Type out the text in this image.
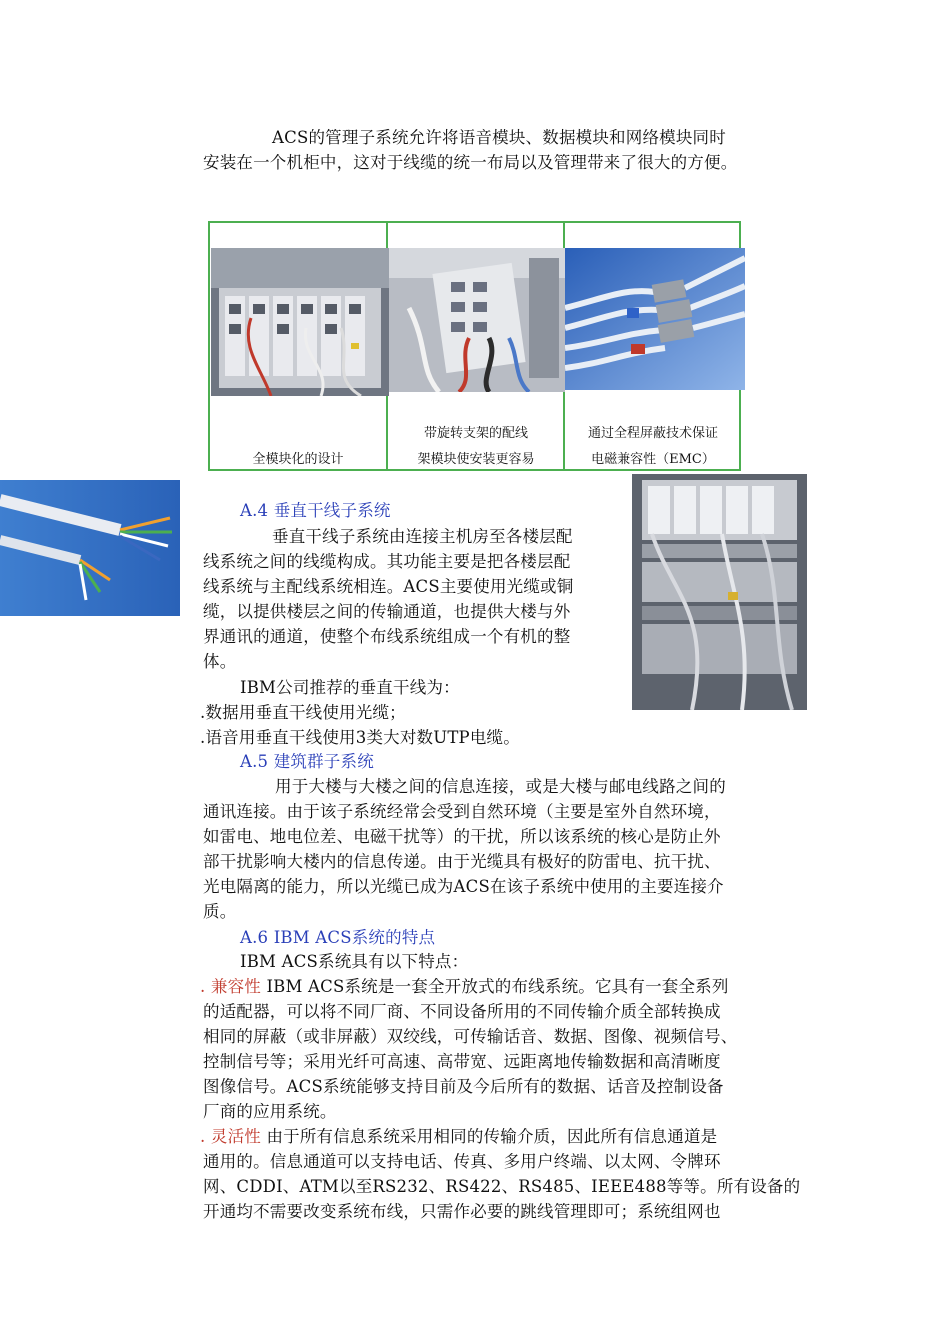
ACS的管理子系统允许将语音模块、数据模块和网络模块同时
安装在一个机柜中，这对于线缆的统一布局以及管理带来了很大的方便。
全模块化的设计
带旋转支架的配线
架模块使安装更容易
通过全程屏蔽技术保证
电磁兼容性（EMC）
A.4 垂直干线子系统
垂直干线子系统由连接主机房至各楼层配
线系统之间的线缆构成。其功能主要是把各楼层配
线系统与主配线系统相连。ACS主要使用光缆或铜
缆，以提供楼层之间的传输通道，也提供大楼与外
界通讯的通道，使整个布线系统组成一个有机的整
体。
IBM公司推荐的垂直干线为：
.数据用垂直干线使用光缆；
.语音用垂直干线使用3类大对数UTP电缆。
A.5 建筑群子系统
用于大楼与大楼之间的信息连接，或是大楼与邮电线路之间的
通讯连接。由于该子系统经常会受到自然环境（主要是室外自然环境，
如雷电、地电位差、电磁干扰等）的干扰，所以该系统的核心是防止外
部干扰影响大楼内的信息传递。由于光缆具有极好的防雷电、抗干扰、
光电隔离的能力，所以光缆已成为ACS在该子系统中使用的主要连接介
质。
A.6 IBM ACS系统的特点
IBM ACS系统具有以下特点：
. 兼容性 IBM ACS系统是一套全开放式的布线系统。它具有一套全系列
的适配器，可以将不同厂商、不同设备所用的不同传输介质全部转换成
相同的屏蔽（或非屏蔽）双绞线，可传输话音、数据、图像、视频信号、
控制信号等；采用光纤可高速、高带宽、远距离地传输数据和高清晰度
图像信号。ACS系统能够支持目前及今后所有的数据、话音及控制设备
厂商的应用系统。
. 灵活性 由于所有信息系统采用相同的传输介质，因此所有信息通道是
通用的。信息通道可以支持电话、传真、多用户终端、以太网、令牌环
网、CDDI、ATM以至RS232、RS422、RS485、IEEE488等等。所有设备的
开通均不需要改变系统布线，只需作必要的跳线管理即可；系统组网也
